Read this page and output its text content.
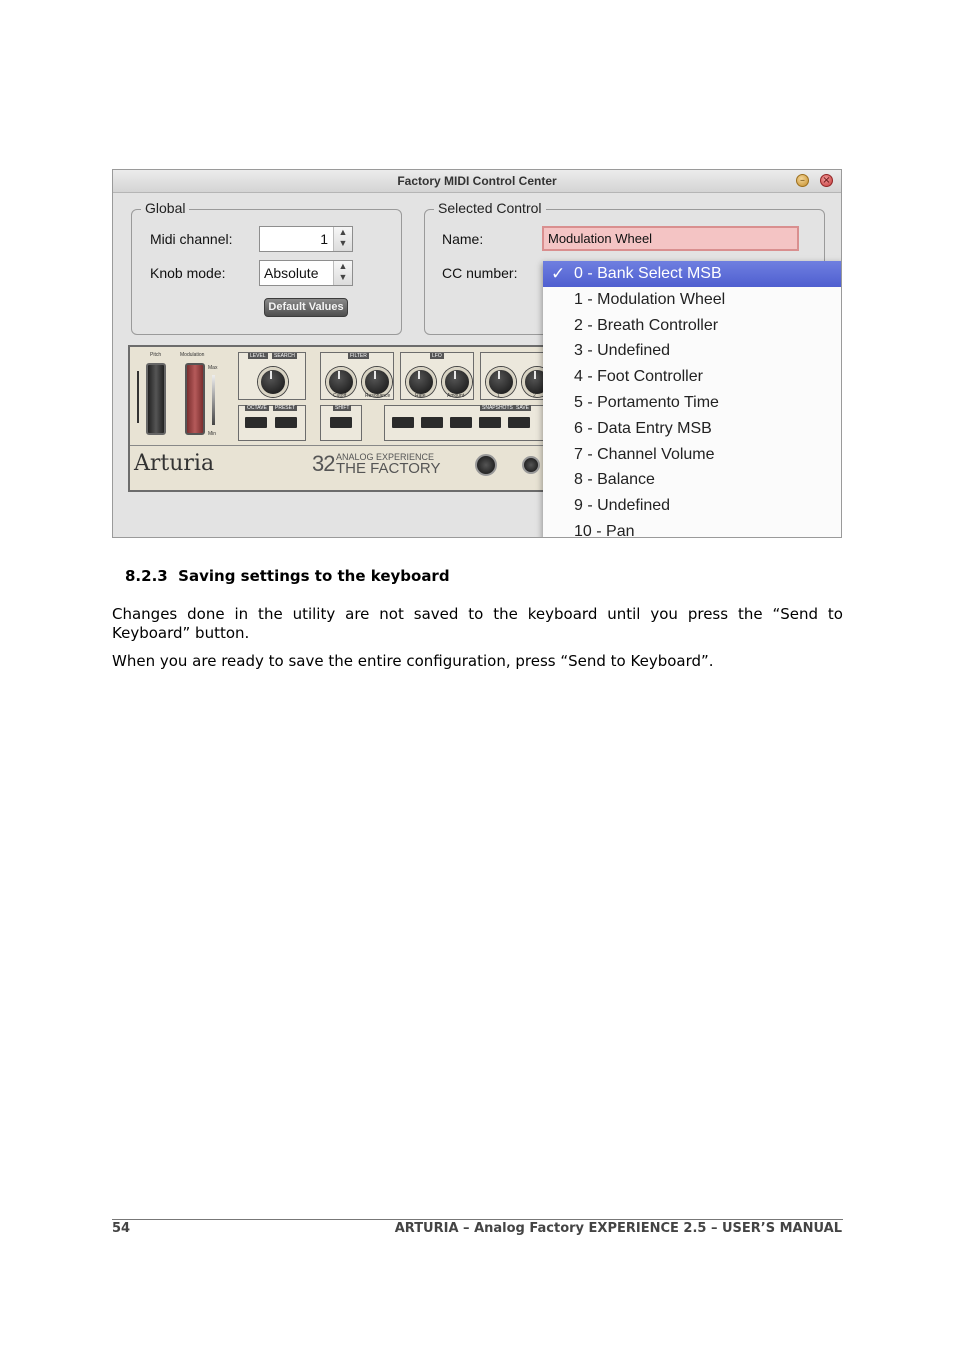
Factory MIDI Control Center	–	×
Global
Midi channel:	1	▲
▼
Knob mode:	Absolute	▲
▼
Default Values
Selected Control
Name:	Modulation Wheel
CC number:
Pitch	Modulation
Max
Min
LEVEL	SEARCH
OCTAVE	PRESET
FILTER
Cutoff	Resonance
SHIFT
LFO
Rate	Amount	1	2
SNAPSHOTS SAVE
Arturia	32 ANALOG EXPERIENCE
THE FACTORY
✓ 0 - Bank Select MSB
1 - Modulation Wheel
2 - Breath Controller
3 - Undefined
4 - Foot Controller
5 - Portamento Time
6 - Data Entry MSB
7 - Channel Volume
8 - Balance
9 - Undefined
10 - Pan
8.2.3 Saving settings to the keyboard
Changes done in the utility are not saved to the keyboard until you press the “Send to Keyboard” button.
When you are ready to save the entire configuration, press “Send to Keyboard”.
54	ARTURIA – Analog Factory EXPERIENCE 2.5 – USER’S MANUAL
